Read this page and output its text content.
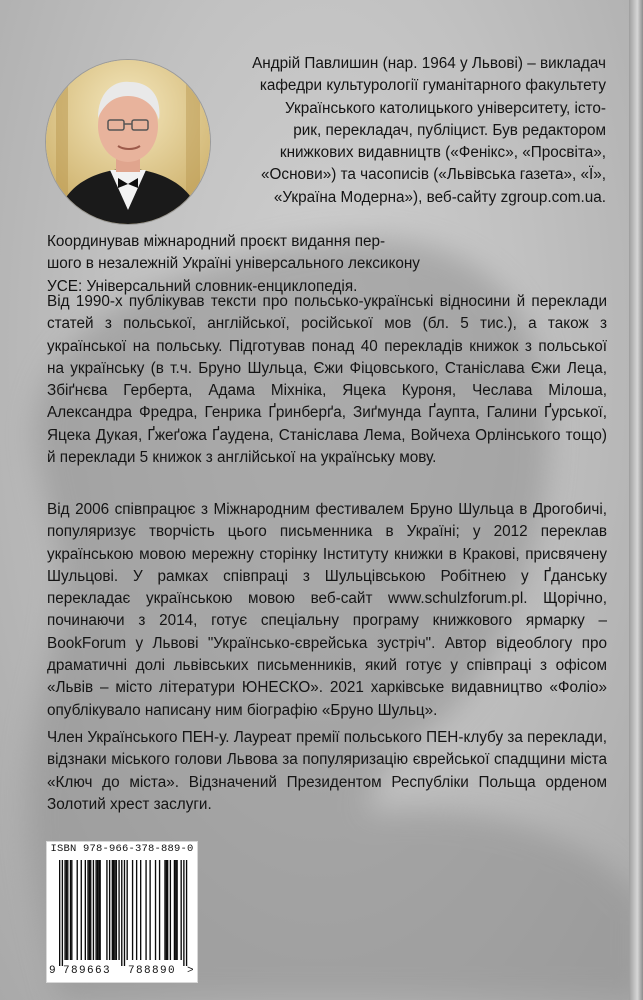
Андрій Павлишин (нар. 1964 у Львові) – викладач
кафедри культурології гуманітарного факультету
Українського католицького університету, істо-
рик, перекладач, публіцист. Був редактором
книжкових видавництв («Фенікс», «Просвіта»,
«Основи») та часописів («Львівська газета», «Ї»,
«Україна Модерна»), веб-сайту zgroup.com.ua.

Координував міжнародний проєкт видання пер-
шого в незалежній Україні універсального лексикону
УСЕ: Універсальний словник-енциклопедія.

Від 1990-х публікував тексти про польсько-українські відносини й переклади статей з польської, англійської, російської мов (бл. 5 тис.), а також з української на польську. Підготував понад 40 перекладів книжок з польської на українську (в т.ч. Бруно Шульца, Єжи Фіцовського, Станіслава Єжи Леца, Збіґнєва Герберта, Адама Міхніка, Яцека Куроня, Чеслава Мілоша, Александра Фредра, Генрика Ґринберґа, Зиґмунда Ґаупта, Галини Ґурської, Яцека Дукая, Ґжеґожа Ґаудена, Станіслава Лема, Войчеха Орлінського тощо) й переклади 5 книжок з англійської на українську мову.

Від 2006 співпрацює з Міжнародним фестивалем Бруно Шульца в Дрогобичі, популяризує творчість цього письменника в Україні; у 2012 переклав українською мовою мережну сторінку Інституту книжки в Кракові, присвячену Шульцові. У рамках співпраці з Шульцівською Робітнею у Ґданську перекладає українською мовою веб-сайт www.schulzforum.pl. Щорічно, починаючи з 2014, готує спеціальну програму книжкового ярмарку – BookForum у Львові "Українсько-єврейська зустріч". Автор відеоблогу про драматичні долі львівських письменників, який готує у співпраці з офісом «Львів – місто літератури ЮНЕСКО». 2021 харківське видавництво «Фоліо» опублікувало написану ним біографію «Бруно Шульц».

Член Українського ПЕН-у. Лауреат премії польського ПЕН-клубу за переклади, відзнаки міського голови Львова за популяризацію єврейської спадщини міста «Ключ до міста». Відзначений Президентом Республіки Польща орденом Золотий хрест заслуги.

ISBN 978-966-378-889-0
9 789663 788890 >
